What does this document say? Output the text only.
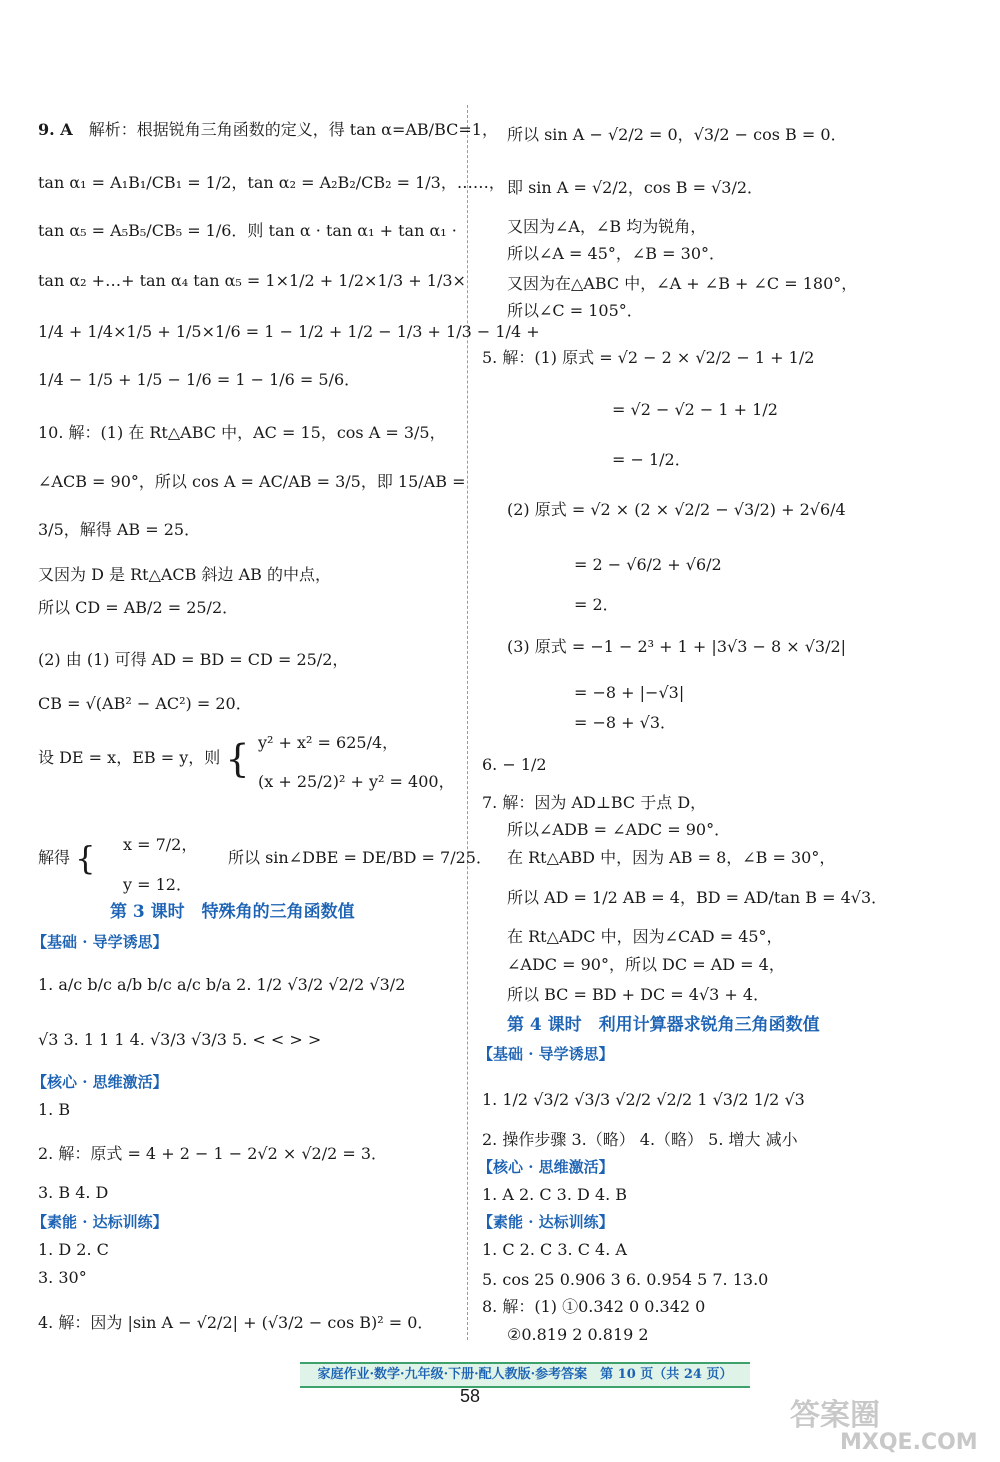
9. A　 解析：根据锐角三角函数的定义，得 tan α=AB/BC=1，
tan α₁ = A₁B₁/CB₁ = 1/2，tan α₂ = A₂B₂/CB₂ = 1/3，……，
tan α₅ = A₅B₅/CB₅ = 1/6．则 tan α · tan α₁ + tan α₁ ·
tan α₂ +…+ tan α₄ tan α₅ = 1×1/2 + 1/2×1/3 + 1/3×
1/4 + 1/4×1/5 + 1/5×1/6 = 1 − 1/2 + 1/2 − 1/3 + 1/3 − 1/4 +
1/4 − 1/5 + 1/5 − 1/6 = 1 − 1/6 = 5/6．
10. 解：(1) 在 Rt△ABC 中，AC = 15，cos A = 3/5，
∠ACB = 90°，所以 cos A = AC/AB = 3/5，即 15/AB =
3/5，解得 AB = 25．
又因为 D 是 Rt△ACB 斜边 AB 的中点，
所以 CD = AB/2 = 25/2．
(2) 由 (1) 可得 AD = BD = CD = 25/2，
CB = √(AB² − AC²) = 20．
设 DE = x，EB = y，则 { y² + x² = 625/4，
(x + 25/2)² + y² = 400，
解得 { x = 7/2，
所以 sin∠DBE = DE/BD = 7/25．
y = 12．
第 3 课时　特殊角的三角函数值
【基础 · 导学诱思】
1. a/c b/c a/b b/c a/c b/a 2. 1/2 √3/2 √2/2 √3/2
√3 3. 1 1 1 4. √3/3 √3/3 5. < < > >
【核心 · 思维激活】
1. B
2. 解：原式 = 4 + 2 − 1 − 2√2 × √2/2 = 3．
3. B 4. D
【素能 · 达标训练】
1. D 2. C
3. 30°
4. 解：因为 |sin A − √2/2| + (√3/2 − cos B)² = 0．
所以 sin A − √2/2 = 0，√3/2 − cos B = 0．
即 sin A = √2/2，cos B = √3/2．
又因为∠A，∠B 均为锐角，
所以∠A = 45°，∠B = 30°．
又因为在△ABC 中，∠A + ∠B + ∠C = 180°，
所以∠C = 105°．
5. 解：(1) 原式 = √2 − 2 × √2/2 − 1 + 1/2
= √2 − √2 − 1 + 1/2
= − 1/2．
(2) 原式 = √2 × (2 × √2/2 − √3/2) + 2√6/4
= 2 − √6/2 + √6/2
= 2．
(3) 原式 = −1 − 2³ + 1 + |3√3 − 8 × √3/2|
= −8 + |−√3|
= −8 + √3．
6. − 1/2
7. 解：因为 AD⊥BC 于点 D，
所以∠ADB = ∠ADC = 90°．
在 Rt△ABD 中，因为 AB = 8，∠B = 30°，
所以 AD = 1/2 AB = 4，BD = AD/tan B = 4√3．
在 Rt△ADC 中，因为∠CAD = 45°，
∠ADC = 90°，所以 DC = AD = 4，
所以 BC = BD + DC = 4√3 + 4．
第 4 课时　利用计算器求锐角三角函数值
【基础 · 导学诱思】
1. 1/2 √3/2 √3/3 √2/2 √2/2 1 √3/2 1/2 √3
2. 操作步骤 3.（略） 4.（略） 5. 增大 减小
【核心 · 思维激活】
1. A 2. C 3. D 4. B
【素能 · 达标训练】
1. C 2. C 3. C 4. A
5. cos 25 0.906 3 6. 0.954 5 7. 13.0
8. 解：(1) ①0.342 0 0.342 0
②0.819 2 0.819 2
家庭作业·数学·九年级·下册·配人教版·参考答案　第 10 页（共 24 页）
58
答案圈
MXQE.COM
